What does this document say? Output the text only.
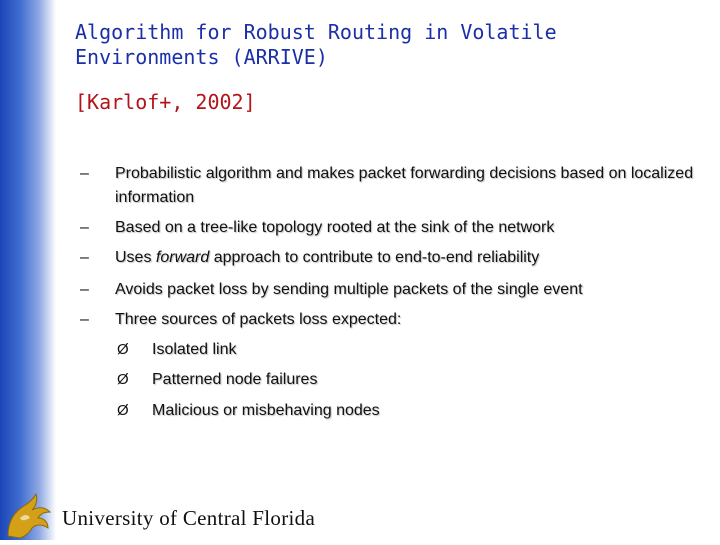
Algorithm for Robust Routing in Volatile
Environments (ARRIVE)
[Karlof+, 2002]
– Probabilistic algorithm and makes packet forwarding decisions based on localized information
– Based on a tree-like topology rooted at the sink of the network
– Uses forward approach to contribute to end-to-end reliability
– Avoids packet loss by sending multiple packets of the single event
– Three sources of packets loss expected:
Ø Isolated link
Ø Patterned node failures
Ø Malicious or misbehaving nodes
University of Central Florida
